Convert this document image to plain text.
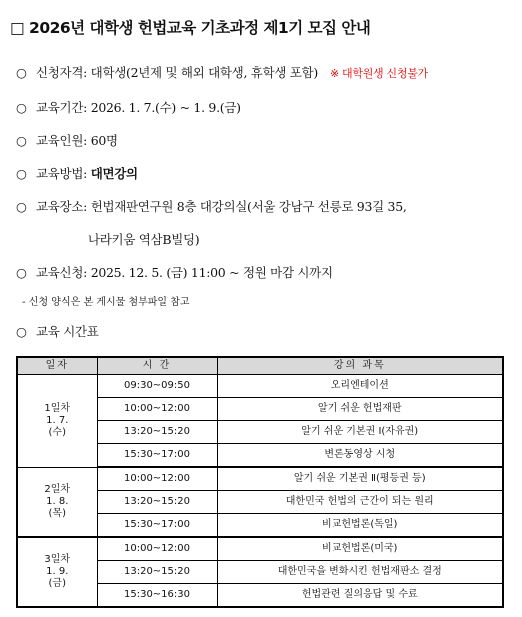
□ 2026년 대학생 헌법교육 기초과정 제1기 모집 안내
○ 신청자격: 대학생(2년제 및 해외 대학생, 휴학생 포함) ※ 대학원생 신청불가
○ 교육기간: 2026. 1. 7.(수) ~ 1. 9.(금)
○ 교육인원: 60명
○ 교육방법: 대면강의
○ 교육장소: 헌법재판연구원 8층 대강의실(서울 강남구 선릉로 93길 35,
나라키움 역삼B빌딩)
○ 교육신청: 2025. 12. 5. (금) 11:00 ~ 정원 마감 시까지
- 신청 양식은 본 게시물 첨부파일 참고
○ 교육 시간표
일자	시 간	강의 과목

1일차
1. 7.
(수)	09:30~09:50	오리엔테이션
	10:00~12:00	알기 쉬운 헌법재판
	13:20~15:20	알기 쉬운 기본권 Ⅰ(자유권)
	15:30~17:00	변론동영상 시청

2일차
1. 8.
(목)	10:00~12:00	알기 쉬운 기본권 Ⅱ(평등권 등)
	13:20~15:20	대한민국 헌법의 근간이 되는 원리
	15:30~17:00	비교헌법론(독일)

3일차
1. 9.
(금)	10:00~12:00	비교헌법론(미국)
	13:20~15:20	대한민국을 변화시킨 헌법재판소 결정
	15:30~16:30	헌법관련 질의응답 및 수료
